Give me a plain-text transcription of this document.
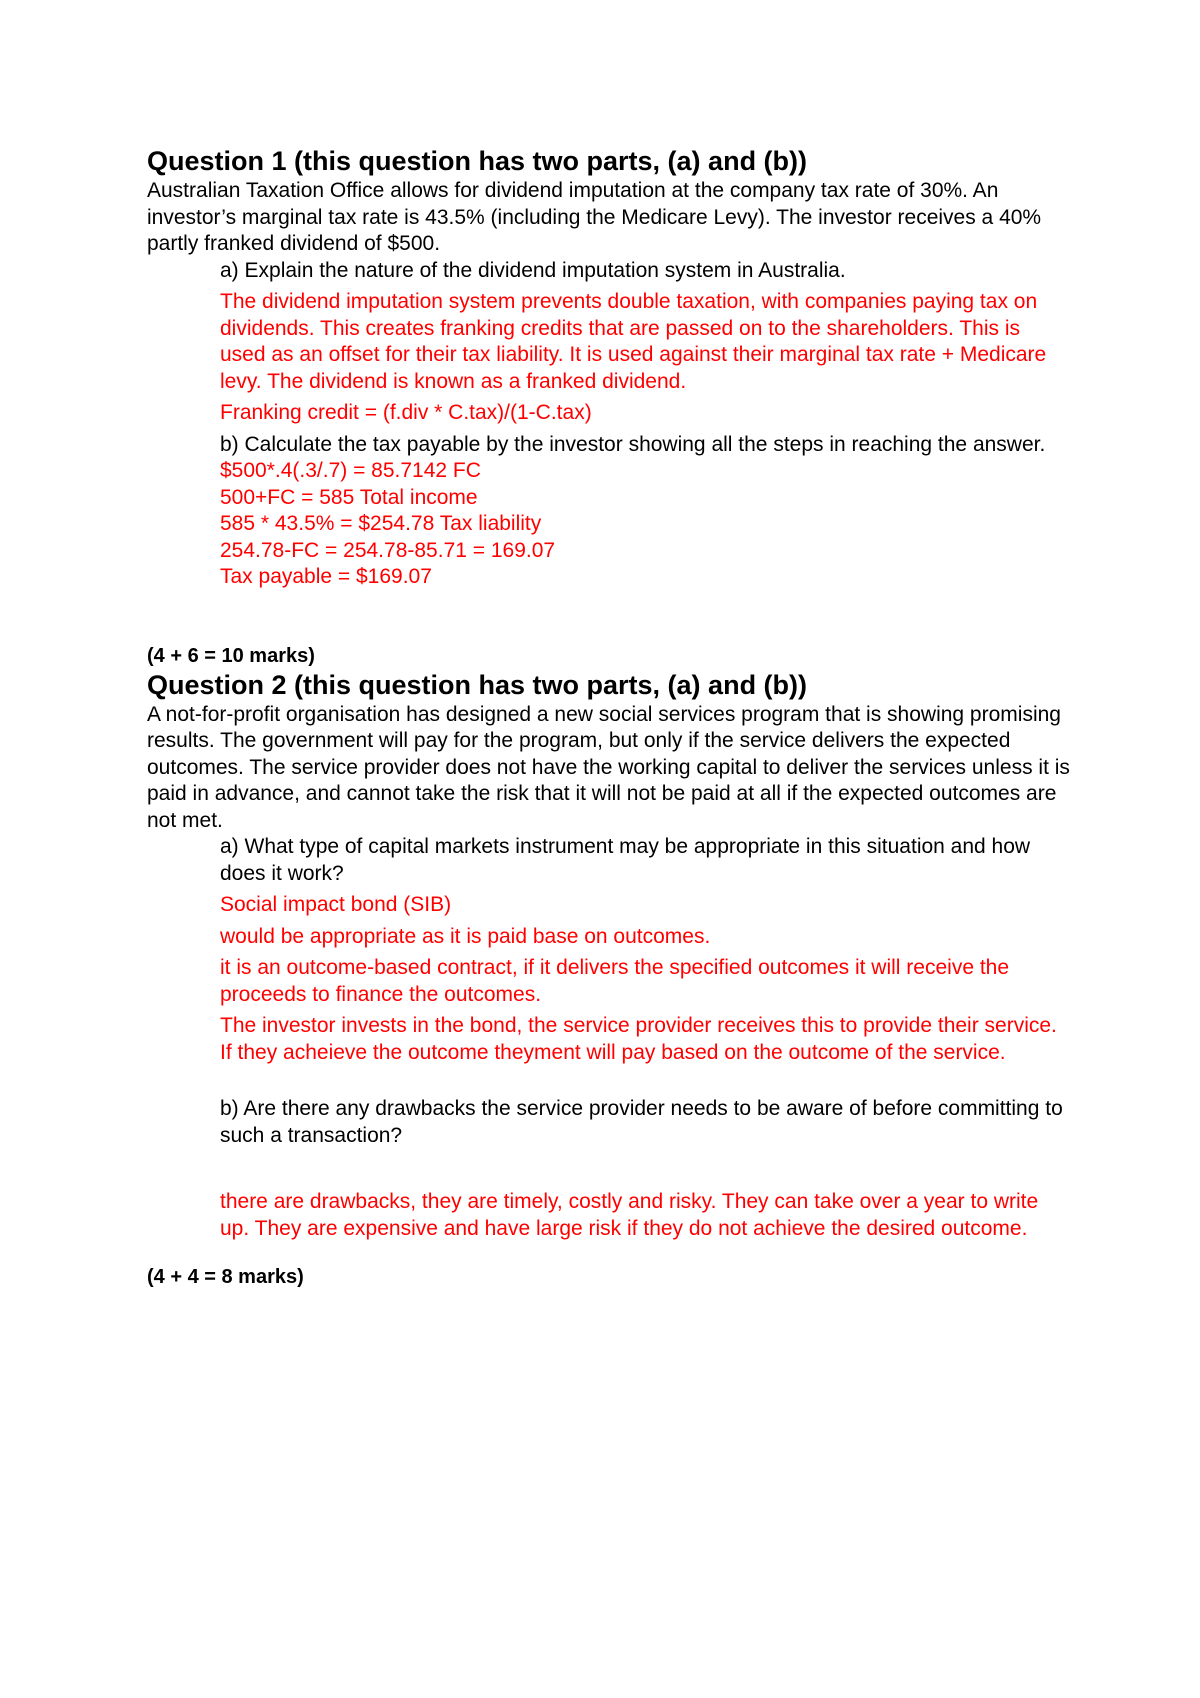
Question 1 (this question has two parts, (a) and (b))

Australian Taxation Office allows for dividend imputation at the company tax rate of 30%. An investor’s marginal tax rate is 43.5% (including the Medicare Levy). The investor receives a 40% partly franked dividend of $500.

a) Explain the nature of the dividend imputation system in Australia.

The dividend imputation system prevents double taxation, with companies paying tax on dividends. This creates franking credits that are passed on to the shareholders. This is used as an offset for their tax liability. It is used against their marginal tax rate + Medicare levy. The dividend is known as a franked dividend.

Franking credit = (f.div * C.tax)/(1-C.tax)

b) Calculate the tax payable by the investor showing all the steps in reaching the answer.

$500*.4(.3/.7) = 85.7142 FC

500+FC = 585 Total income

585 * 43.5% = $254.78 Tax liability

254.78-FC = 254.78-85.71 = 169.07

Tax payable = $169.07

(4 + 6 = 10 marks)

Question 2 (this question has two parts, (a) and (b))

A not-for-profit organisation has designed a new social services program that is showing promising results. The government will pay for the program, but only if the service delivers the expected outcomes. The service provider does not have the working capital to deliver the services unless it is paid in advance, and cannot take the risk that it will not be paid at all if the expected outcomes are not met.

a) What type of capital markets instrument may be appropriate in this situation and how does it work?

Social impact bond (SIB)

would be appropriate as it is paid base on outcomes.

it is an outcome-based contract, if it delivers the specified outcomes it will receive the proceeds to finance the outcomes.

The investor invests in the bond, the service provider receives this to provide their service. If they acheieve the outcome theyment will pay based on the outcome of the service.

b) Are there any drawbacks the service provider needs to be aware of before committing to such a transaction?

there are drawbacks, they are timely, costly and risky. They can take over a year to write up. They are expensive and have large risk if they do not achieve the desired outcome.

(4 + 4 = 8 marks)
